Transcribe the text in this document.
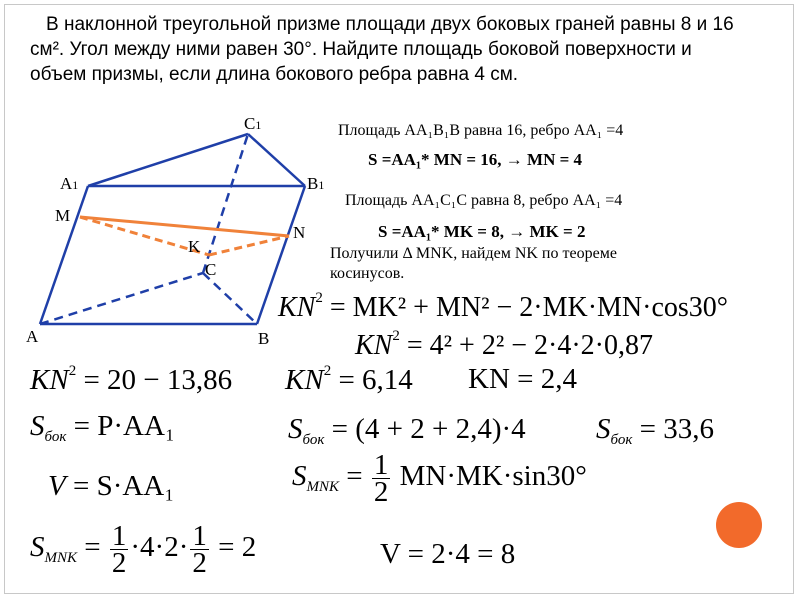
В наклонной треугольной призме площади двух боковых граней равны 8 и 16 см². Угол между ними равен 30°. Найдите площадь боковой поверхности и объем призмы, если длина бокового ребра равна 4 см.
A	B
C
A1	B1
C1
M
N
K
Площадь АА₁В₁В равна 16, ребро АА₁ =4
S =AA₁* MN = 16, → MN = 4
Площадь АА₁С₁С равна 8, ребро АА₁ =4
S =AA₁* MK = 8, → MK = 2
Получили Δ MNK, найдем NK по теореме
косинусов.
$KN^2 = MK^2 + MN^2 - 2\cdot MK\cdot MN\cdot\cos 30^\circ$
$KN^2 = 4^2 + 2^2 - 2\cdot 4\cdot 2\cdot 0,87$
$KN^2 = 20 - 13,86$ $KN^2 = 6,14$ KN = 2,4
$S_{бок} = P\cdot AA_1$	$S_{бок} = (4 + 2 + 2,4)\cdot 4$ $S_{бок} = 33,6$
V = S·AA₁	$S_{MNK} = \frac{1}{2} MN\cdot MK\cdot\sin 30^\circ$
$S_{MNK} = \frac{1}{2} \cdot 4\cdot 2\cdot \frac{1}{2} = 2$	V = 2·4 = 8
